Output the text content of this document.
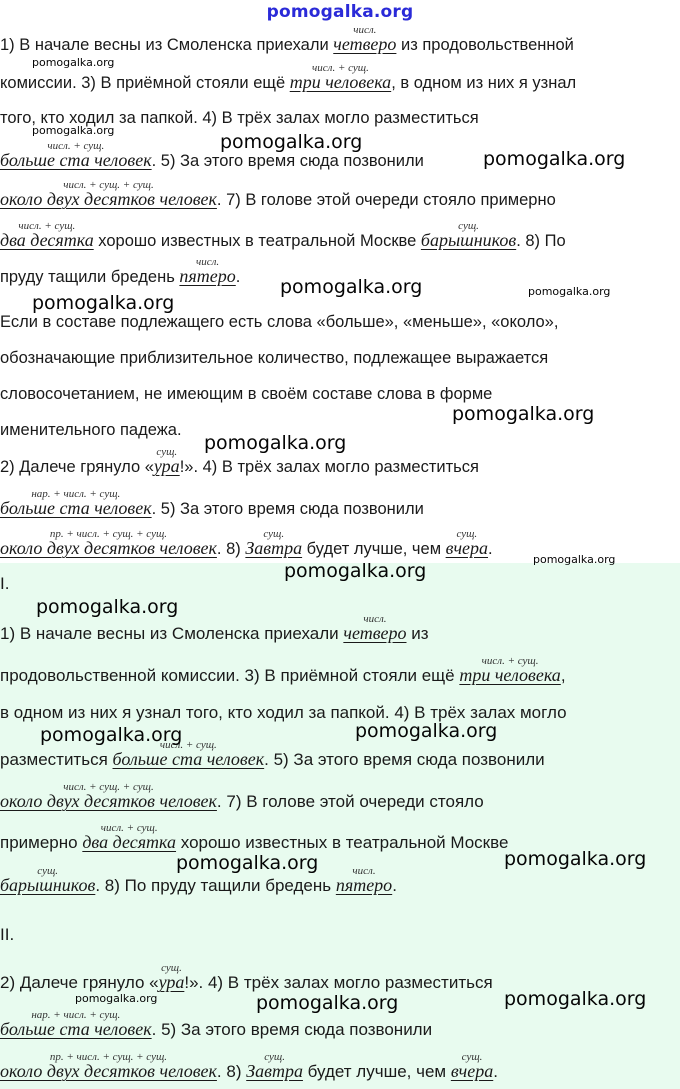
pomogalka.org
1) В начале весны из Смоленска приехали
числ.
четверо из продовольственной
комиссии. 3) В приёмной стояли ещё
числ. + сущ.
три человека, в одном из них я узнал
того, кто ходил за папкой. 4) В трёх залах могло разместиться
числ. + сущ.
больше ста человек. 5) За этого время сюда позвонили
числ. + сущ. + сущ.
около двух десятков человек. 7) В голове этой очереди стояло примерно
числ. + сущ.
два десятка хорошо известных в театральной Москве
сущ.
барышников. 8) По
пруду тащили бредень
числ.
пятеро.
Если в составе подлежащего есть слова «больше», «меньше», «около»,
обозначающие приблизительное количество, подлежащее выражается
словосочетанием, не имеющим в своём составе слова в форме
именительного падежа.
2) Далече грянуло «
сущ.
ура!». 4) В трёх залах могло разместиться
нар. + числ. + сущ.
больше ста человек. 5) За этого время сюда позвонили
пр. + числ. + сущ. + сущ.
около двух десятков человек. 8)
сущ.
Завтра будет лучше, чем
сущ.
вчера.
I.
1) В начале весны из Смоленска приехали
числ.
четверо из
продовольственной комиссии. 3) В приёмной стояли ещё
числ. + сущ.
три человека,
в одном из них я узнал того, кто ходил за папкой. 4) В трёх залах могло
разместиться
числ. + сущ.
больше ста человек. 5) За этого время сюда позвонили
числ. + сущ. + сущ.
около двух десятков человек. 7) В голове этой очереди стояло
примерно
числ. + сущ.
два десятка хорошо известных в театральной Москве
сущ.
барышников. 8) По пруду тащили бредень
числ.
пятеро.
II.
2) Далече грянуло «
сущ.
ура!». 4) В трёх залах могло разместиться
нар. + числ. + сущ.
больше ста человек. 5) За этого время сюда позвонили
пр. + числ. + сущ. + сущ.
около двух десятков человек. 8)
сущ.
Завтра будет лучше, чем
сущ.
вчера.
pomogalka.org
pomogalka.org
pomogalka.org
pomogalka.org
pomogalka.org	pomogalka.org
pomogalka.org
pomogalka.org
pomogalka.org
pomogalka.org
pomogalka.org
pomogalka.org
pomogalka.org	pomogalka.org
pomogalka.org	pomogalka.org
pomogalka.org	pomogalka.org	pomogalka.org
